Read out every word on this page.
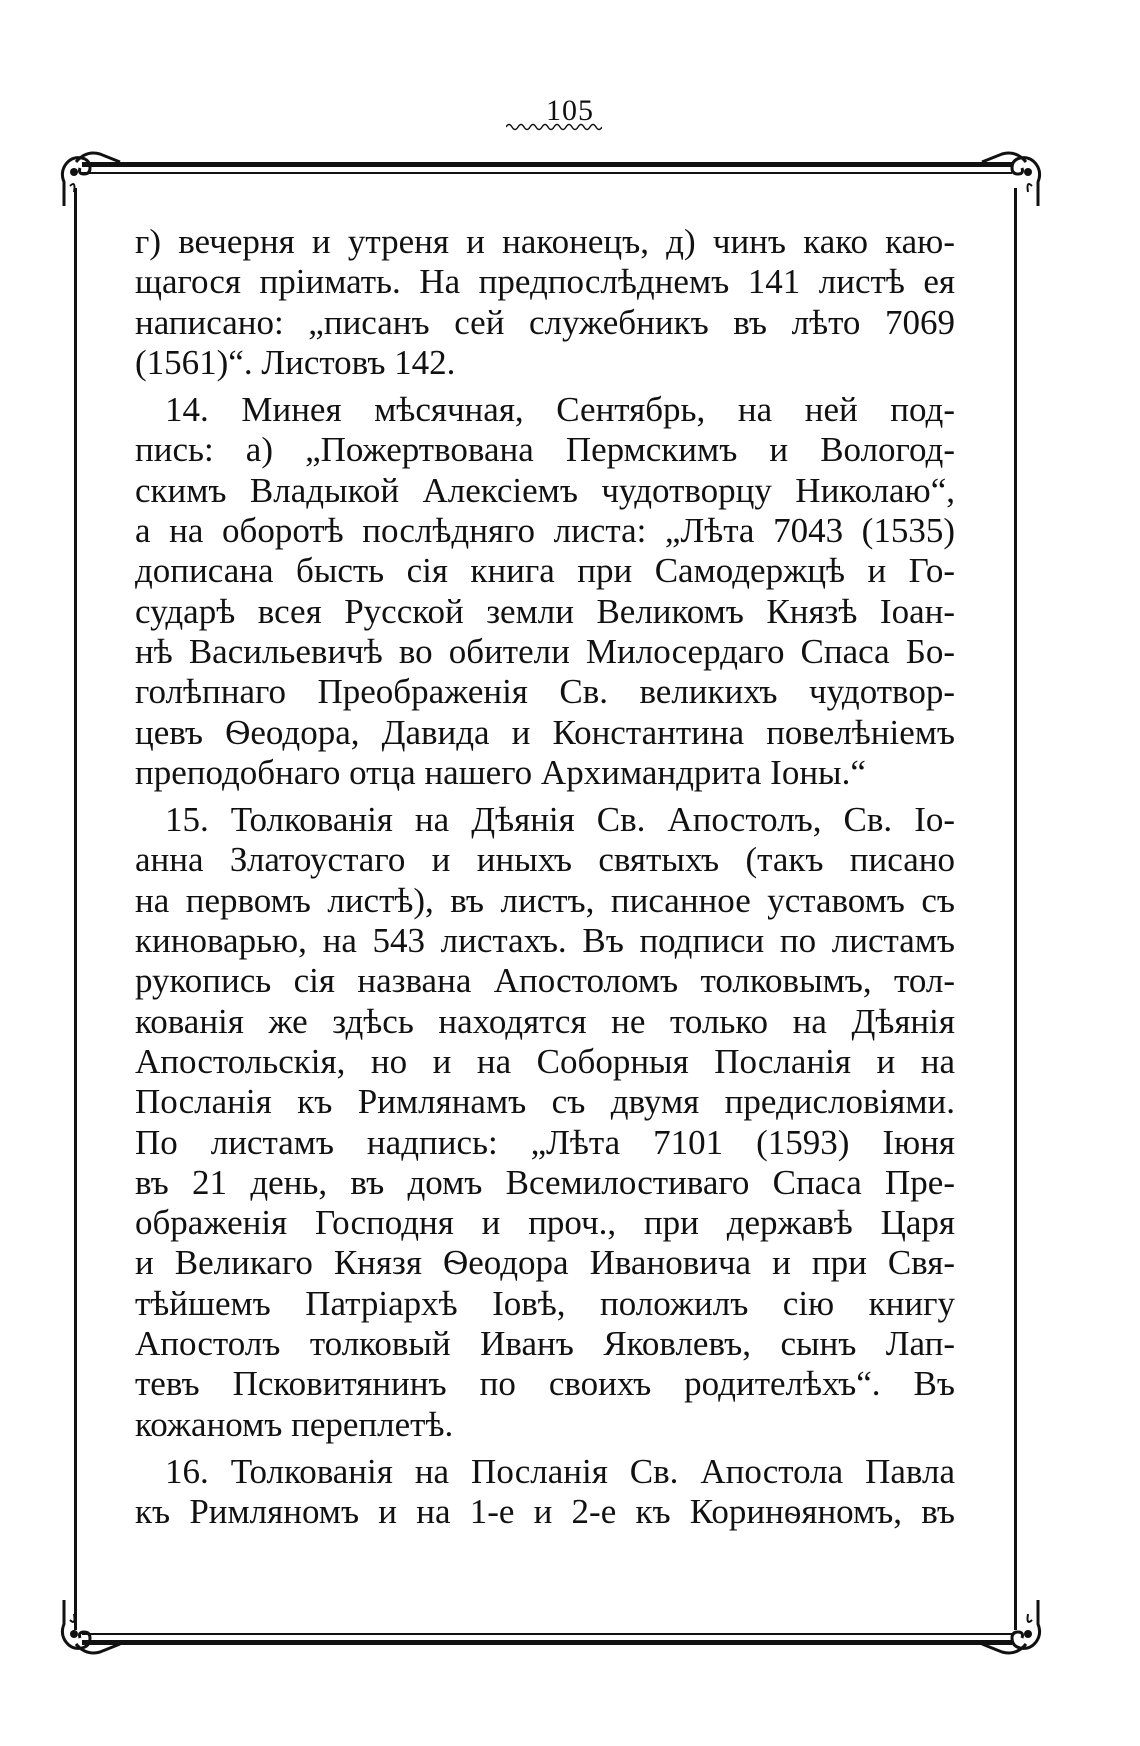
105
г) вечерня и утреня и наконецъ, д) чинъ како каю-
щагося пріимать. На предпослѣднемъ 141 листѣ ея
написано: „писанъ сей служебникъ въ лѣто 7069
(1561)“. Листовъ 142.
14. Минея мѣсячная, Сентябрь, на ней под-
пись: а) „Пожертвована Пермскимъ и Вологод-
скимъ Владыкой Алексіемъ чудотворцу Николаю“,
а на оборотѣ послѣдняго листа: „Лѣта 7043 (1535)
дописана бысть сія книга при Самодержцѣ и Го-
сударѣ всея Русской земли Великомъ Князѣ Іоан-
нѣ Васильевичѣ во обители Милосердаго Спаса Бо-
голѣпнаго Преображенія Св. великихъ чудотвор-
цевъ Ѳеодора, Давида и Константина повелѣніемъ
преподобнаго отца нашего Архимандрита Іоны.“
15. Толкованія на Дѣянія Св. Апостолъ, Св. Іо-
анна Златоустаго и иныхъ святыхъ (такъ писано
на первомъ листѣ), въ листъ, писанное уставомъ съ
киноварью, на 543 листахъ. Въ подписи по листамъ
рукопись сія названа Апостоломъ толковымъ, тол-
кованія же здѣсь находятся не только на Дѣянія
Апостольскія, но и на Соборныя Посланія и на
Посланія къ Римлянамъ съ двумя предисловіями.
По листамъ надпись: „Лѣта 7101 (1593) Іюня
въ 21 день, въ домъ Всемилостиваго Спаса Пре-
ображенія Господня и проч., при державѣ Царя
и Великаго Князя Ѳеодора Ивановича и при Свя-
тѣйшемъ Патріархѣ Іовѣ, положилъ сію книгу
Апостолъ толковый Иванъ Яковлевъ, сынъ Лап-
тевъ Псковитянинъ по своихъ родителѣхъ“. Въ
кожаномъ переплетѣ.
16. Толкованія на Посланія Св. Апостола Павла
къ Римляномъ и на 1-е и 2-е къ Коринѳяномъ, въ
